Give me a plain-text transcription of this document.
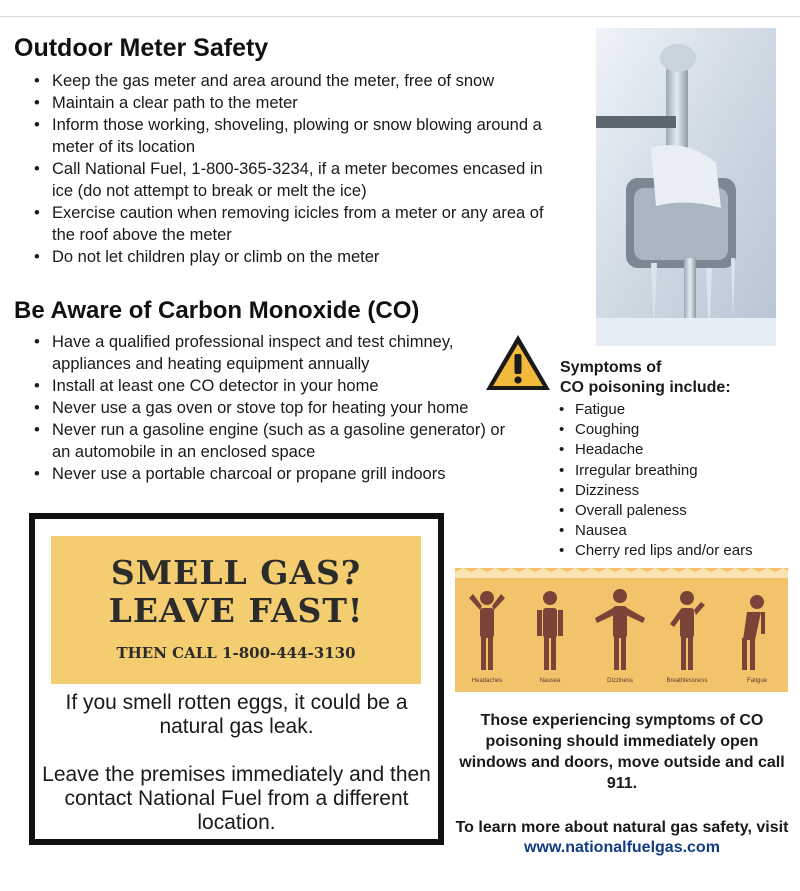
Outdoor Meter Safety
• Keep the gas meter and area around the meter, free of snow
• Maintain a clear path to the meter
• Inform those working, shoveling, plowing or snow blowing around a meter of its location
• Call National Fuel, 1-800-365-3234, if a meter becomes encased in ice (do not attempt to break or melt the ice)
• Exercise caution when removing icicles from a meter or any area of the roof above the meter
• Do not let children play or climb on the meter
Be Aware of Carbon Monoxide (CO)
• Have a qualified professional inspect and test chimney, appliances and heating equipment annually
• Install at least one CO detector in your home
• Never use a gas oven or stove top for heating your home
• Never run a gasoline engine (such as a gasoline generator) or an automobile in an enclosed space
• Never use a portable charcoal or propane grill indoors
Symptoms of
CO poisoning include:
• Fatigue
• Coughing
• Headache
• Irregular breathing
• Dizziness
• Overall paleness
• Nausea
• Cherry red lips and/or ears
SMELL GAS?
LEAVE FAST!
THEN CALL 1-800-444-3130
If you smell rotten eggs, it could be a natural gas leak.
Leave the premises immediately and then contact National Fuel from a different location.
Headaches	Nausea	Dizziness	Breathlessness	Fatigue
Those experiencing symptoms of CO poisoning should immediately open windows and doors, move outside and call 911.
To learn more about natural gas safety, visit
www.nationalfuelgas.com
